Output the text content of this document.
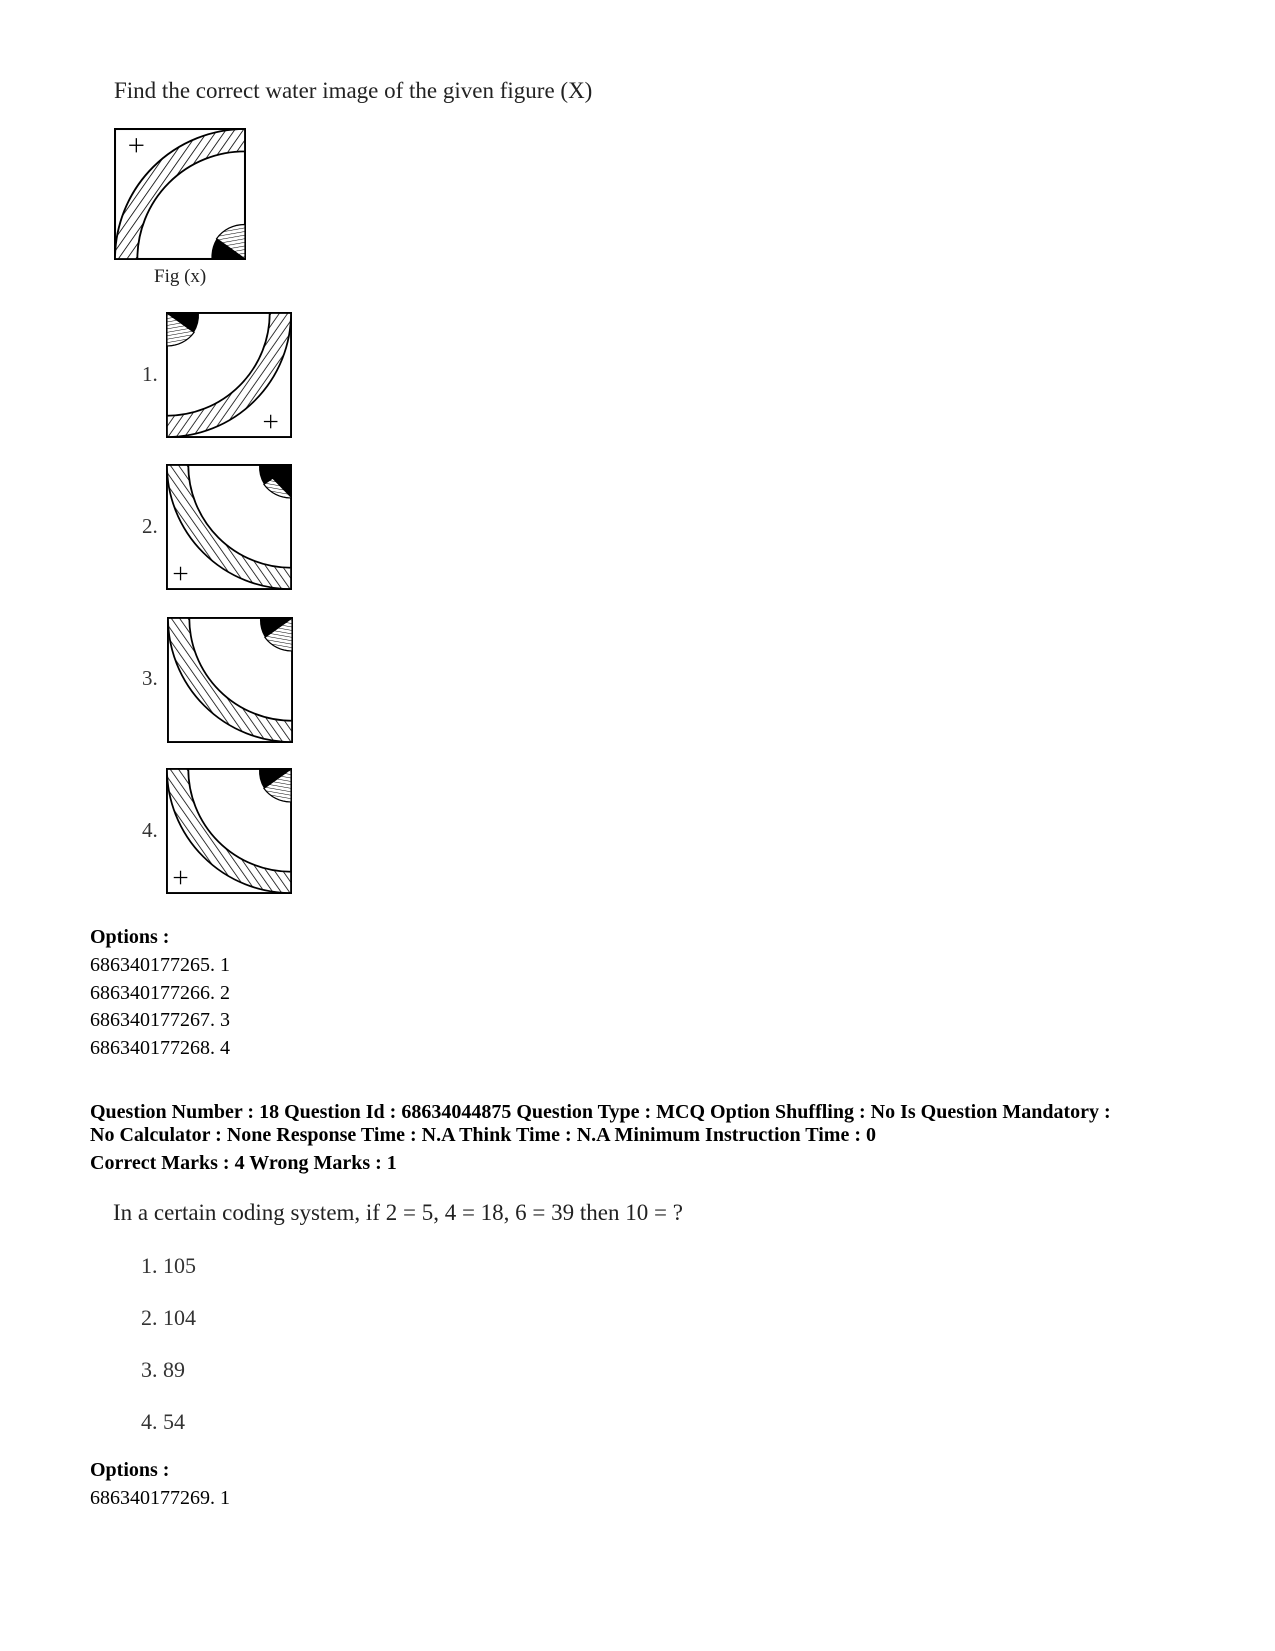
Find the correct water image of the given figure (X)
Fig (x)
1.
2.
3.
4.
Options :
686340177265. 1
686340177266. 2
686340177267. 3
686340177268. 4
Question Number : 18 Question Id : 68634044875 Question Type : MCQ Option Shuffling : No Is Question Mandatory :
No Calculator : None Response Time : N.A Think Time : N.A Minimum Instruction Time : 0
Correct Marks : 4 Wrong Marks : 1
In a certain coding system, if 2 = 5, 4 = 18, 6 = 39 then 10 = ?
1. 105
2. 104
3. 89
4. 54
Options :
686340177269. 1
